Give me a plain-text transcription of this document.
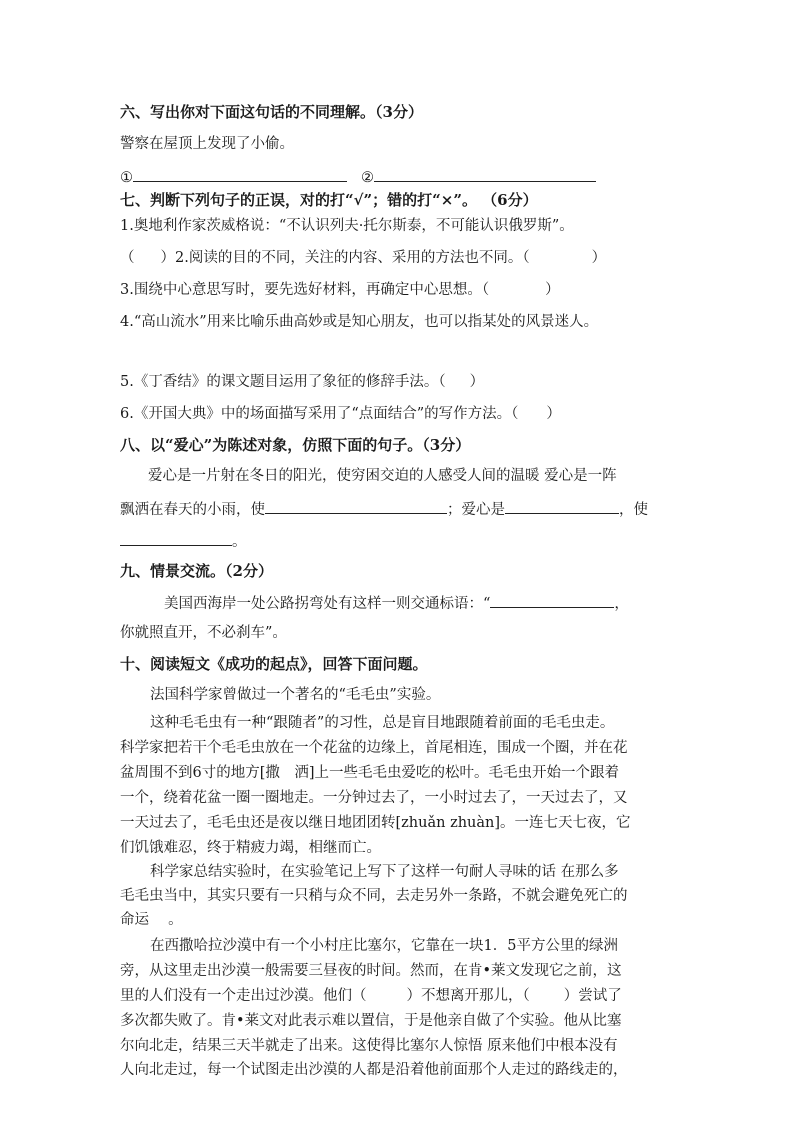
六、写出你对下面这句话的不同理解。（3分）
警察在屋顶上发现了小偷。
①	②
七、判断下列句子的正误，对的打“√”；错的打“×”。 （6分）
1.奥地利作家茨威格说：“不认识列夫·托尔斯泰，不可能认识俄罗斯”。
（ ）2.阅读的目的不同，关注的内容、采用的方法也不同。（	）
3.围绕中心意思写时，要先选好材料，再确定中心思想。（	）
4.“高山流水”用来比喻乐曲高妙或是知心朋友，也可以指某处的风景迷人。
5.《丁香结》的课文题目运用了象征的修辞手法。（ ）
6.《开国大典》中的场面描写采用了“点面结合”的写作方法。（ ）
八、以“爱心”为陈述对象，仿照下面的句子。（3分）
爱心是一片射在冬日的阳光，使穷困交迫的人感受人间的温暖 爱心是一阵
飘洒在春天的小雨，使	；爱心是	，使
。
九、情景交流。（2分）
美国西海岸一处公路拐弯处有这样一则交通标语：“	，
你就照直开，不必刹车”。
十、阅读短文《成功的起点》，回答下面问题。
法国科学家曾做过一个著名的“毛毛虫”实验。
这种毛毛虫有一种“跟随者”的习性，总是盲目地跟随着前面的毛毛虫走。
科学家把若干个毛毛虫放在一个花盆的边缘上，首尾相连，围成一个圈，并在花
盆周围不到6寸的地方[撒　洒]上一些毛毛虫爱吃的松叶。毛毛虫开始一个跟着
一个，绕着花盆一圈一圈地走。一分钟过去了，一小时过去了，一天过去了，又
一天过去了，毛毛虫还是夜以继日地团团转[zhuǎn zhuàn]。一连七天七夜，它
们饥饿难忍，终于精疲力竭，相继而亡。
科学家总结实验时，在实验笔记上写下了这样一句耐人寻味的话 在那么多
毛毛虫当中，其实只要有一只稍与众不同，去走另外一条路，不就会避免死亡的
命运　 。
在西撒哈拉沙漠中有一个小村庄比塞尔，它靠在一块1．5平方公里的绿洲
旁，从这里走出沙漠一般需要三昼夜的时间。然而，在肯•莱文发现它之前，这
里的人们没有一个走出过沙漠。他们（	）不想离开那儿，（ ）尝试了
多次都失败了。肯•莱文对此表示难以置信，于是他亲自做了个实验。他从比塞
尔向北走，结果三天半就走了出来。这使得比塞尔人惊悟 原来他们中根本没有
人向北走过，每一个试图走出沙漠的人都是沿着他前面那个人走过的路线走的，
